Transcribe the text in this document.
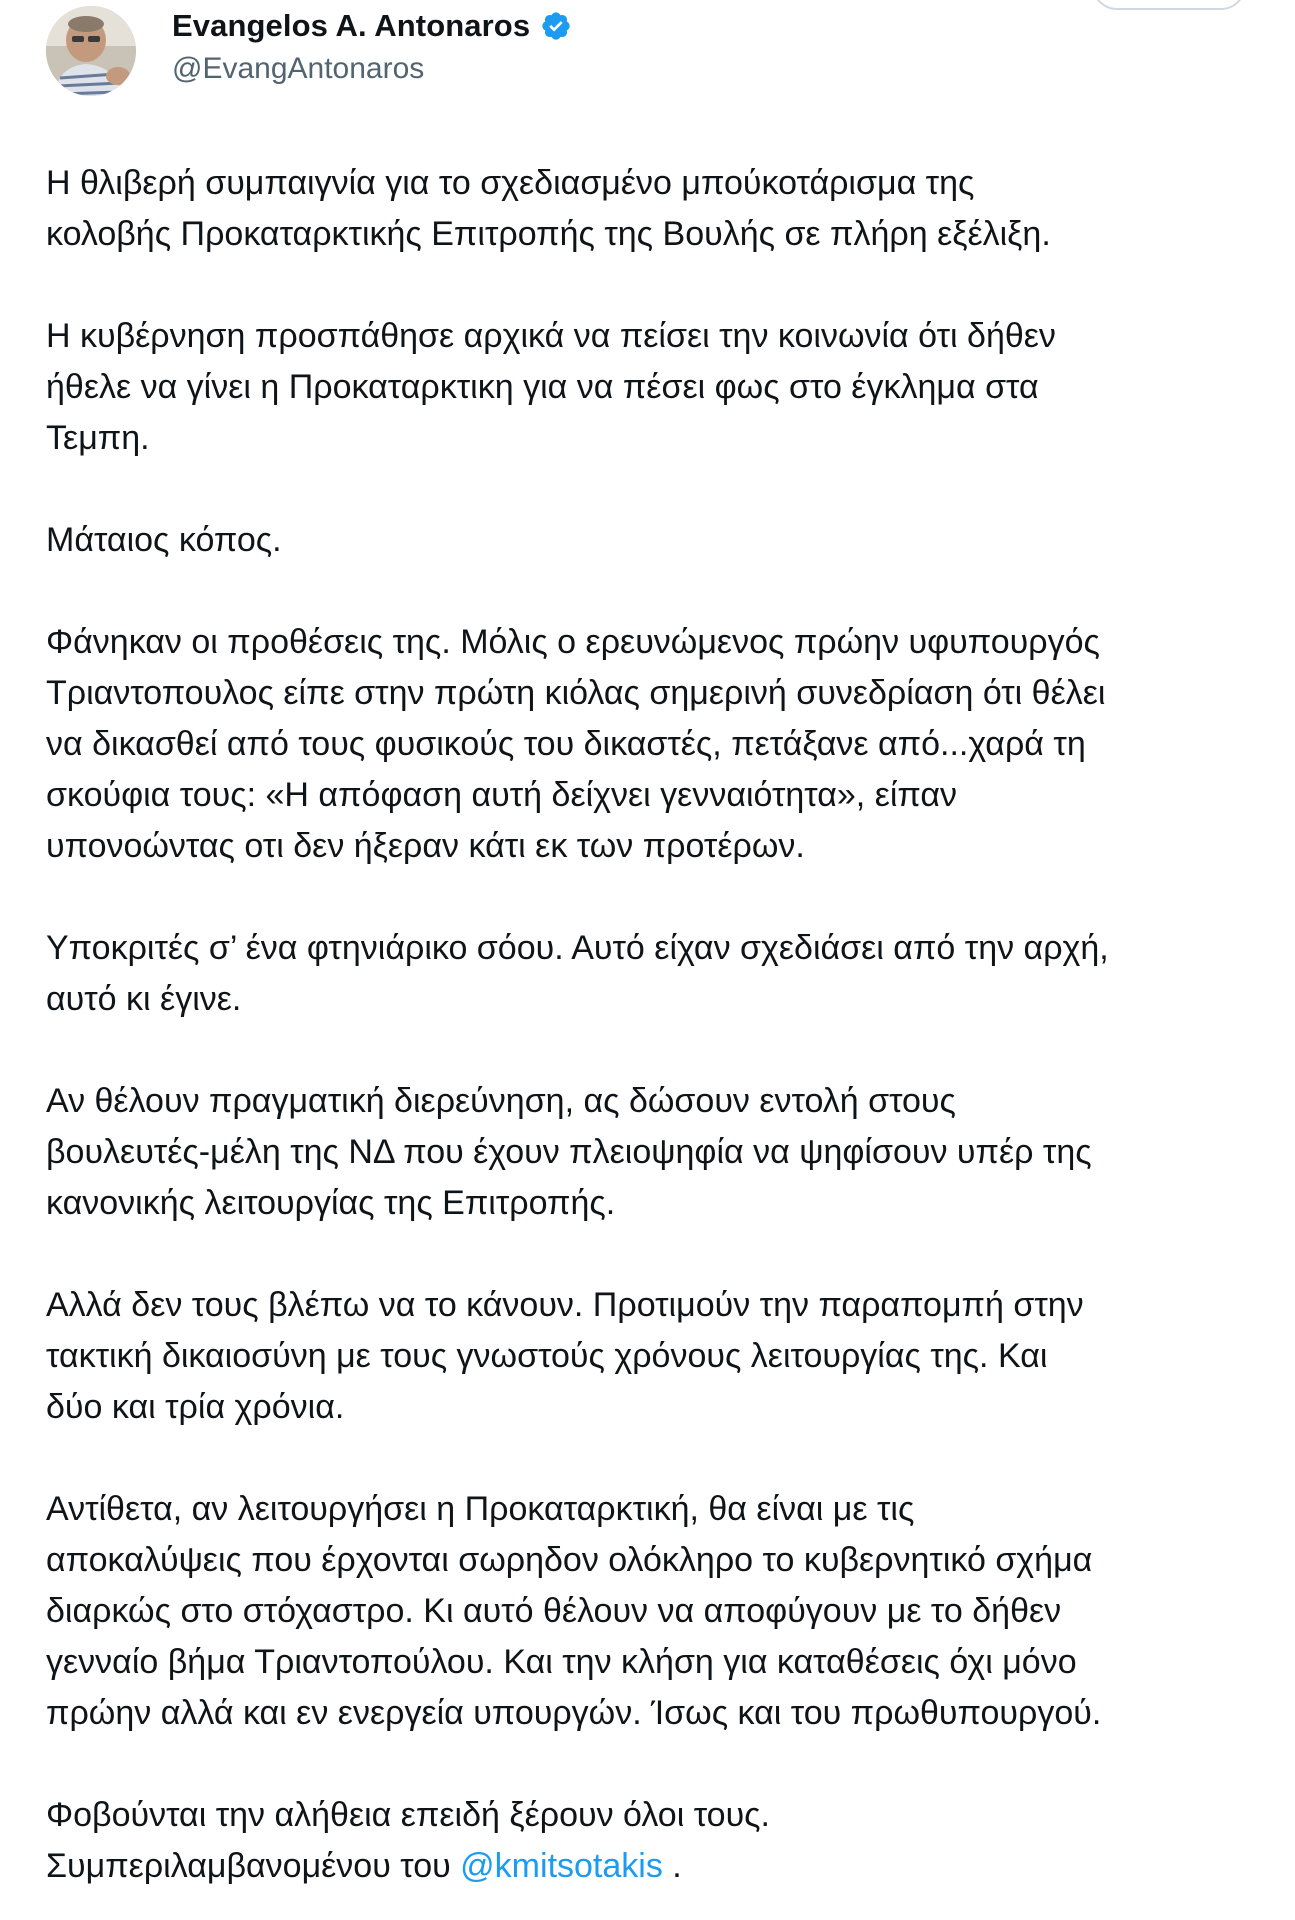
Evangelos A. Antonaros
@EvangAntonaros

Η θλιβερή συμπαιγνία για το σχεδιασμένο μπούκοτάρισμα της
κολοβής Προκαταρκτικής Επιτροπής της Βουλής σε πλήρη εξέλιξη.

Η κυβέρνηση προσπάθησε αρχικά να πείσει την κοινωνία ότι δήθεν
ήθελε να γίνει η Προκαταρκτικη για να πέσει φως στο έγκλημα στα
Τεμπη.

Μάταιος κόπος.

Φάνηκαν οι προθέσεις της. Μόλις ο ερευνώμενος πρώην υφυπουργός
Τριαντοπουλος είπε στην πρώτη κιόλας σημερινή συνεδρίαση ότι θέλει
να δικασθεί από τους φυσικούς του δικαστές, πετάξανε από...χαρά τη
σκούφια τους: «Η απόφαση αυτή δείχνει γενναιότητα», είπαν
υπονοώντας οτι δεν ήξεραν κάτι εκ των προτέρων.

Υποκριτές σ’ ένα φτηνιάρικο σόου. Αυτό είχαν σχεδιάσει από την αρχή,
αυτό κι έγινε.

Αν θέλουν πραγματική διερεύνηση, ας δώσουν εντολή στους
βουλευτές-μέλη της ΝΔ που έχουν πλειοψηφία να ψηφίσουν υπέρ της
κανονικής λειτουργίας της Επιτροπής.

Αλλά δεν τους βλέπω να το κάνουν. Προτιμούν την παραπομπή στην
τακτική δικαιοσύνη με τους γνωστούς χρόνους λειτουργίας της. Και
δύο και τρία χρόνια.

Αντίθετα, αν λειτουργήσει η Προκαταρκτική, θα είναι με τις
αποκαλύψεις που έρχονται σωρηδον ολόκληρο το κυβερνητικό σχήμα
διαρκώς στο στόχαστρο. Κι αυτό θέλουν να αποφύγουν με το δήθεν
γενναίο βήμα Τριαντοπούλου. Και την κλήση για καταθέσεις όχι μόνο
πρώην αλλά και εν ενεργεία υπουργών. Ίσως και του πρωθυπουργού.

Φοβούνται την αλήθεια επειδή ξέρουν όλοι τους.
Συμπεριλαμβανομένου του @kmitsotakis .
